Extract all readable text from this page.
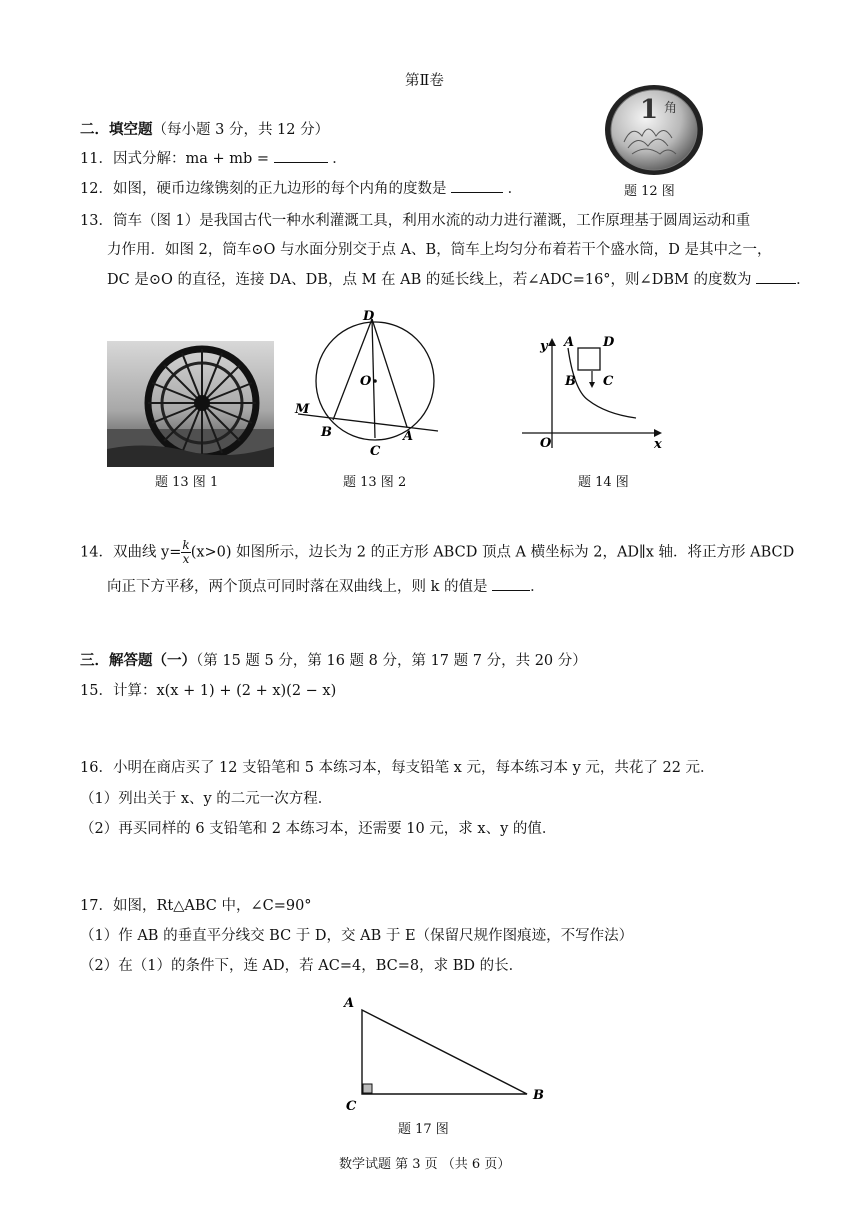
第Ⅱ卷
二．填空题（每小题 3 分，共 12 分）
11．因式分解：ma + mb =	．
12．如图，硬币边缘镌刻的正九边形的每个内角的度数是	．
1 角
题 12 图
13．筒车（图 1）是我国古代一种水利灌溉工具，利用水流的动力进行灌溉，工作原理基于圆周运动和重
力作用．如图 2，筒车⊙O 与水面分别交于点 A、B，筒车上均匀分布着若干个盛水筒，D 是其中之一，
DC 是⊙O 的直径，连接 DA、DB，点 M 在 AB 的延长线上，若∠ADC=16°，则∠DBM 的度数为	．
题 13 图 1
D
O
M
B
C
A
题 13 图 2
y A D
B C
O	x
题 14 图
14．双曲线 $y= \frac{k}{x} (x>0)$ 如图所示，边长为 2 的正方形 ABCD 顶点 A 横坐标为 2，AD∥x 轴．将正方形 ABCD
向正下方平移，两个顶点可同时落在双曲线上，则 k 的值是	．
三．解答题（一）（第 15 题 5 分，第 16 题 8 分，第 17 题 7 分，共 20 分）
15．计算：x(x + 1) + (2 + x)(2 − x)
16．小明在商店买了 12 支铅笔和 5 本练习本，每支铅笔 x 元，每本练习本 y 元，共花了 22 元．
（1）列出关于 x、y 的二元一次方程．
（2）再买同样的 6 支铅笔和 2 本练习本，还需要 10 元，求 x、y 的值．
17．如图，Rt△ABC 中，∠C=90°
（1）作 AB 的垂直平分线交 BC 于 D，交 AB 于 E（保留尺规作图痕迹，不写作法）
（2）在（1）的条件下，连 AD，若 AC=4，BC=8，求 BD 的长．
A
B
C
题 17 图
数学试题 第 3 页 （共 6 页）
